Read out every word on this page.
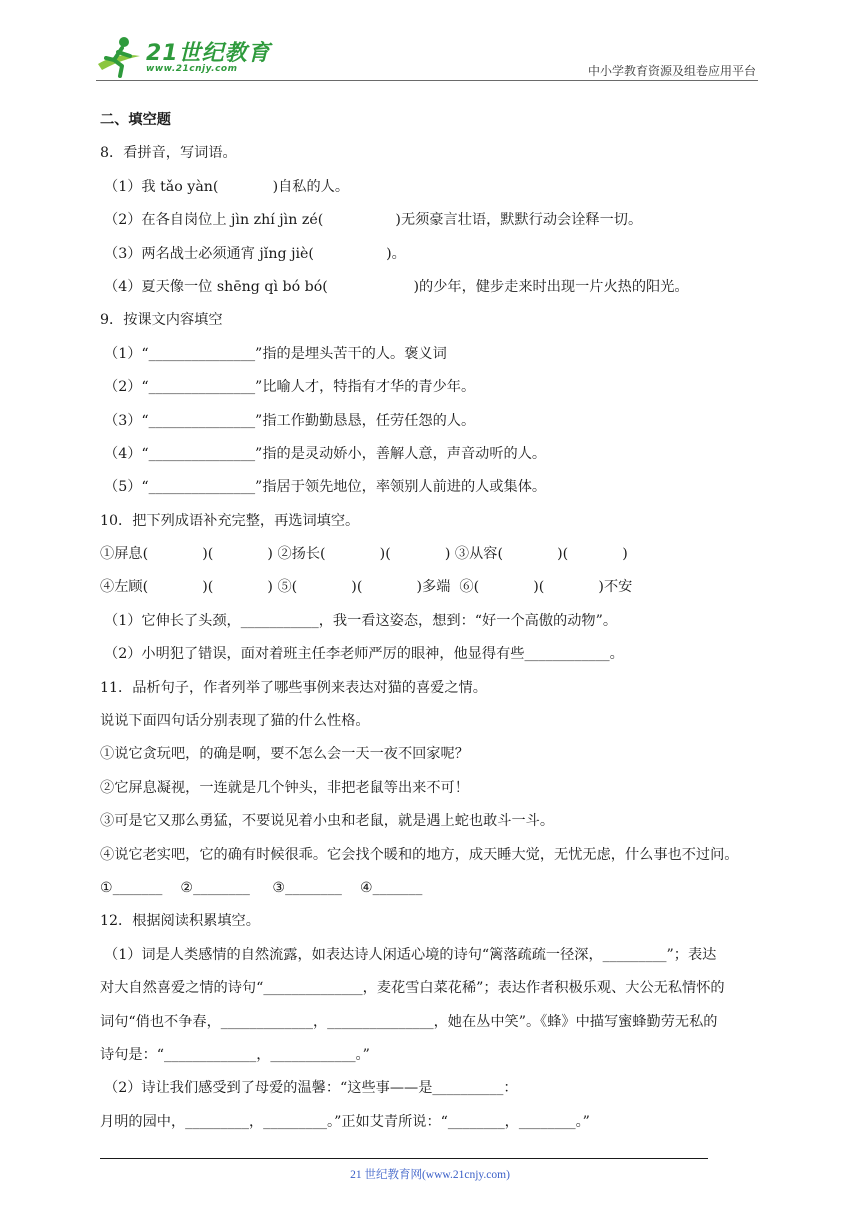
21世纪教育
www.21cnjy.com	中小学教育资源及组卷应用平台
二、填空题
8．看拼音，写词语。
（1）我 tǎo yàn(            )自私的人。
（2）在各自岗位上 jìn zhí jìn zé(                )无须豪言壮语，默默行动会诠释一切。
（3）两名战士必须通宵 jǐng jiè(                )。
（4）夏天像一位 shēng qì bó bó(                   )的少年，健步走来时出现一片火热的阳光。
9．按课文内容填空
（1）“_______________”指的是埋头苦干的人。褒义词
（2）“_______________”比喻人才，特指有才华的青少年。
（3）“_______________”指工作勤勤恳恳，任劳任怨的人。
（4）“_______________”指的是灵动娇小，善解人意，声音动听的人。
（5）“_______________”指居于领先地位，率领别人前进的人或集体。
10．把下列成语补充完整，再选词填空。
①屏息(            )(            ) ②扬长(            )(            ) ③从容(            )(            )
④左顾(            )(            ) ⑤(            )(            )多端  ⑥(            )(            )不安
（1）它伸长了头颈，___________，我一看这姿态，想到：“好一个高傲的动物”。
（2）小明犯了错误，面对着班主任李老师严厉的眼神，他显得有些____________。
11．品析句子，作者列举了哪些事例来表达对猫的喜爱之情。
说说下面四句话分别表现了猫的什么性格。
①说它贪玩吧，的确是啊，要不怎么会一天一夜不回家呢？
②它屏息凝视，一连就是几个钟头，非把老鼠等出来不可！
③可是它又那么勇猛，不要说见着小虫和老鼠，就是遇上蛇也敢斗一斗。
④说它老实吧，它的确有时候很乖。它会找个暖和的地方，成天睡大觉，无忧无虑，什么事也不过问。
①_______    ②________     ③________    ④_______
12．根据阅读积累填空。
（1）词是人类感情的自然流露，如表达诗人闲适心境的诗句“篱落疏疏一径深，_________”；表达
对大自然喜爱之情的诗句“______________，麦花雪白菜花稀”；表达作者积极乐观、大公无私情怀的
词句“俏也不争春，_____________，_______________，她在丛中笑”。《蜂》中描写蜜蜂勤劳无私的
诗句是：“_____________，____________。”
（2）诗让我们感受到了母爱的温馨：“这些事——是__________：
月明的园中，_________，_________。”正如艾青所说：“________，________。”
21 世纪教育网(www.21cnjy.com)
